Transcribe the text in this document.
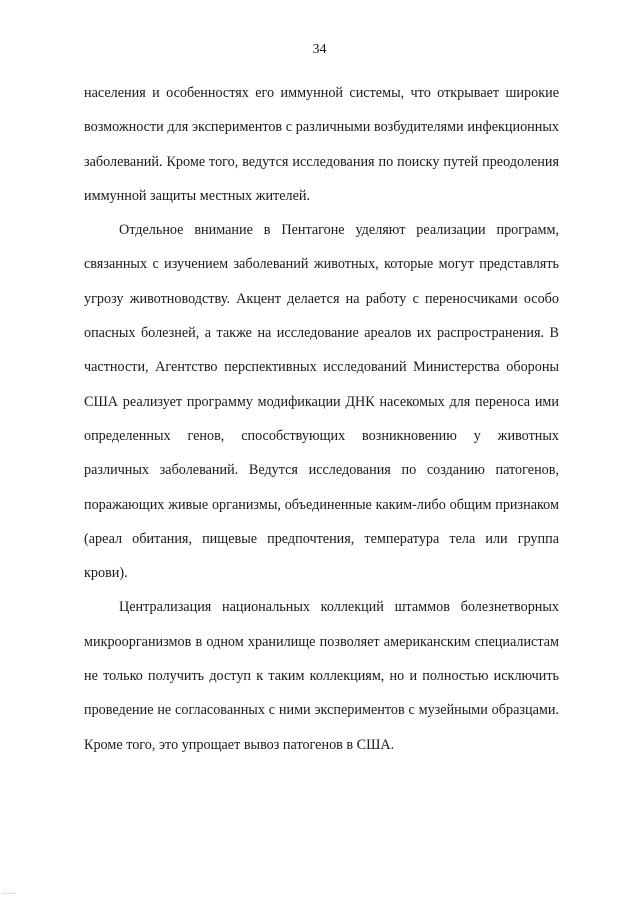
34

населения и особенностях его иммунной системы, что открывает широкие возможности для экспериментов с различными возбудителями инфекционных заболеваний. Кроме того, ведутся исследования по поиску путей преодоления иммунной защиты местных жителей.

Отдельное внимание в Пентагоне уделяют реализации программ, связанных с изучением заболеваний животных, которые могут представлять угрозу животноводству. Акцент делается на работу с переносчиками особо опасных болезней, а также на исследование ареалов их распространения. В частности, Агентство перспективных исследований Министерства обороны США реализует программу модификации ДНК насекомых для переноса ими определенных генов, способствующих возникновению у животных различных заболеваний. Ведутся исследования по созданию патогенов, поражающих живые организмы, объединенные каким-либо общим признаком (ареал обитания, пищевые предпочтения, температура тела или группа крови).

Централизация национальных коллекций штаммов болезнетворных микроорганизмов в одном хранилище позволяет американским специалистам не только получить доступ к таким коллекциям, но и полностью исключить проведение не согласованных с ними экспериментов с музейными образцами. Кроме того, это упрощает вывоз патогенов в США.
